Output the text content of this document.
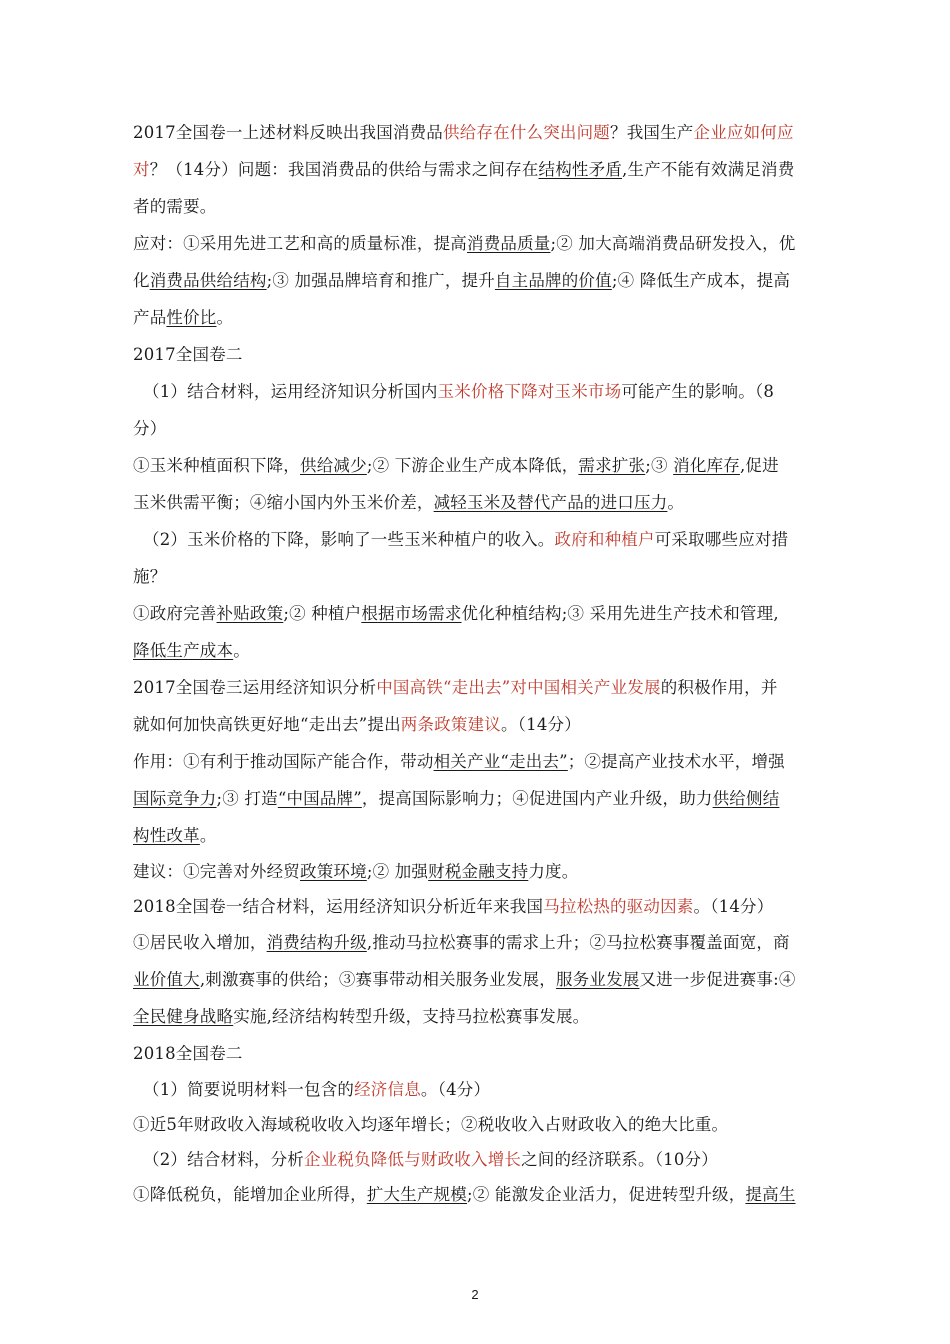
2017全国卷一上述材料反映出我国消费品供给存在什么突出问题？我国生产企业应如何应
对？（14分）问题：我国消费品的供给与需求之间存在结构性矛盾,生产不能有效满足消费
者的需要。
应对：①采用先进工艺和高的质量标准，提高消费品质量;② 加大高端消费品研发投入，优
化消费品供给结构;③ 加强品牌培育和推广，提升自主品牌的价值;④ 降低生产成本，提高
产品性价比。
2017全国卷二
（1）结合材料，运用经济知识分析国内玉米价格下降对玉米市场可能产生的影响。（8
分）
①玉米种植面积下降，供给减少;② 下游企业生产成本降低，需求扩张;③ 消化库存,促进
玉米供需平衡；④缩小国内外玉米价差，减轻玉米及替代产品的进口压力。
（2）玉米价格的下降，影响了一些玉米种植户的收入。政府和种植户可采取哪些应对措
施？
①政府完善补贴政策;② 种植户根据市场需求优化种植结构;③ 采用先进生产技术和管理,
降低生产成本。
2017全国卷三运用经济知识分析中国高铁“走出去”对中国相关产业发展的积极作用，并
就如何加快高铁更好地“走出去”提出两条政策建议。（14分）
作用：①有利于推动国际产能合作，带动相关产业“走出去”；②提高产业技术水平，增强
国际竞争力;③ 打造“中国品牌”，提高国际影响力；④促进国内产业升级，助力供给侧结
构性改革。
建议：①完善对外经贸政策环境;② 加强财税金融支持力度。
2018全国卷一结合材料，运用经济知识分析近年来我国马拉松热的驱动因素。（14分）
①居民收入增加，消费结构升级,推动马拉松赛事的需求上升；②马拉松赛事覆盖面宽，商
业价值大,刺激赛事的供给；③赛事带动相关服务业发展，服务业发展又进一步促进赛事:④
全民健身战略实施,经济结构转型升级，支持马拉松赛事发展。
2018全国卷二
（1）简要说明材料一包含的经济信息。（4分）
①近5年财政收入海域税收收入均逐年增长；②税收收入占财政收入的绝大比重。
（2）结合材料，分析企业税负降低与财政收入增长之间的经济联系。（10分）
①降低税负，能增加企业所得，扩大生产规模;② 能激发企业活力，促进转型升级，提高生
2
